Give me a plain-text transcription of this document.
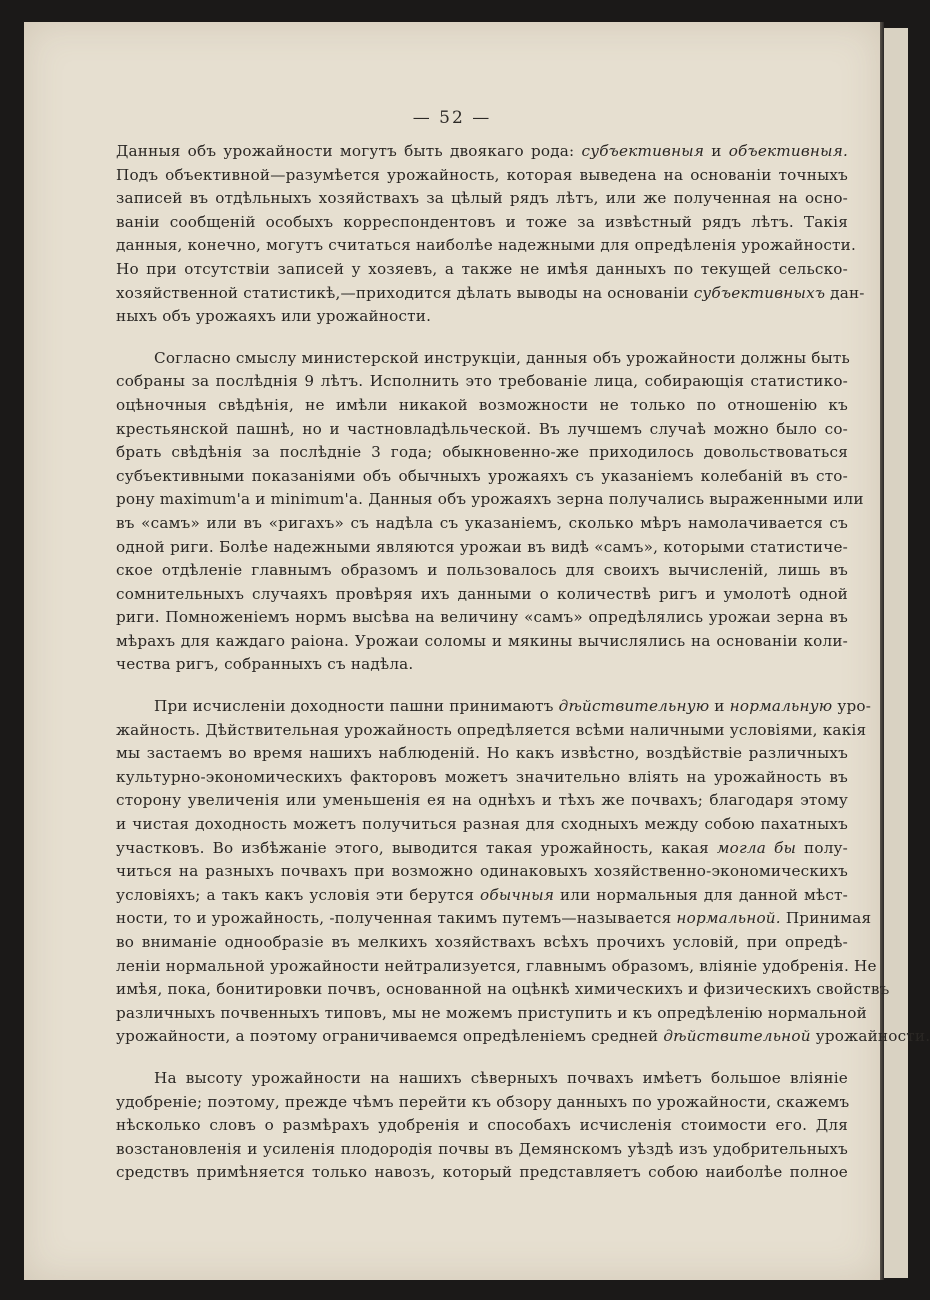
— 52 —

Данныя объ урожайности могутъ быть двоякаго рода: субъективныя и объективныя.
Подъ объективной—разумѣется урожайность, которая выведена на основанiи точныхъ
записей въ отдѣльныхъ хозяйствахъ за цѣлый рядъ лѣтъ, или же полученная на осно-
ванiи сообщенiй особыхъ корреспондентовъ и тоже за извѣстный рядъ лѣтъ. Такiя
данныя, конечно, могутъ считаться наиболѣе надежными для опредѣленiя урожайности.
Но при отсутствiи записей у хозяевъ, а также не имѣя данныхъ по текущей сельско-
хозяйственной статистикѣ,—приходится дѣлать выводы на основанiи субъективныхъ дан-
ныхъ объ урожаяхъ или урожайности.

Согласно смыслу министерской инструкцiи, данныя объ урожайности должны быть
собраны за послѣднiя 9 лѣтъ. Исполнить это требованiе лица, собирающiя статистико-
оцѣночныя свѣдѣнiя, не имѣли никакой возможности не только по отношенiю къ
крестьянской пашнѣ, но и частновладѣльческой. Въ лучшемъ случаѣ можно было со-
брать свѣдѣнiя за послѣднiе 3 года; обыкновенно-же приходилось довольствоваться
субъективными показанiями объ обычныхъ урожаяхъ съ указанiемъ колебанiй въ сто-
рону maximum'a и minimum'a. Данныя объ урожаяхъ зерна получались выраженными или
въ «самъ» или въ «ригахъ» съ надѣла съ указанiемъ, сколько мѣръ намолачивается съ
одной риги. Болѣе надежными являются урожаи въ видѣ «самъ», которыми статистиче-
ское отдѣленiе главнымъ образомъ и пользовалось для своихъ вычисленiй, лишь въ
сомнительныхъ случаяхъ провѣряя ихъ данными о количествѣ ригъ и умолотѣ одной
риги. Помноженiемъ нормъ высѣва на величину «самъ» опредѣлялись урожаи зерна въ
мѣрахъ для каждаго раiона. Урожаи соломы и мякины вычислялись на основанiи коли-
чества ригъ, собранныхъ съ надѣла.

При исчисленiи доходности пашни принимаютъ дѣйствительную и нормальную уро-
жайность. Дѣйствительная урожайность опредѣляется всѣми наличными условiями, какiя
мы застаемъ во время нашихъ наблюденiй. Но какъ извѣстно, воздѣйствiе различныхъ
культурно-экономическихъ факторовъ можетъ значительно влiять на урожайность въ
сторону увеличенiя или уменьшенiя ея на однѣхъ и тѣхъ же почвахъ; благодаря этому
и чистая доходность можетъ получиться разная для сходныхъ между собою пахатныхъ
участковъ. Во избѣжанiе этого, выводится такая урожайность, какая могла бы полу-
читься на разныхъ почвахъ при возможно одинаковыхъ хозяйственно-экономическихъ
условiяхъ; а такъ какъ условiя эти берутся обычныя или нормальныя для данной мѣст-
ности, то и урожайность, -полученная такимъ путемъ—называется нормальной. Принимая
во вниманiе однообразiе въ мелкихъ хозяйствахъ всѣхъ прочихъ условiй, при опредѣ-
ленiи нормальной урожайности нейтрализуется, главнымъ образомъ, влiянiе удобренiя. Не
имѣя, пока, бонитировки почвъ, основанной на оцѣнкѣ химическихъ и физическихъ свойствъ
различныхъ почвенныхъ типовъ, мы не можемъ приступить и къ опредѣленiю нормальной
урожайности, а поэтому ограничиваемся опредѣленiемъ средней дѣйствительной урожайности.

На высоту урожайности на нашихъ сѣверныхъ почвахъ имѣетъ большое влiянiе
удобренiе; поэтому, прежде чѣмъ перейти къ обзору данныхъ по урожайности, скажемъ
нѣсколько словъ о размѣрахъ удобренiя и способахъ исчисленiя стоимости его. Для
возстановленiя и усиленiя плодородiя почвы въ Демянскомъ уѣздѣ изъ удобрительныхъ
средствъ примѣняется только навозъ, который представляетъ собою наиболѣе полное
